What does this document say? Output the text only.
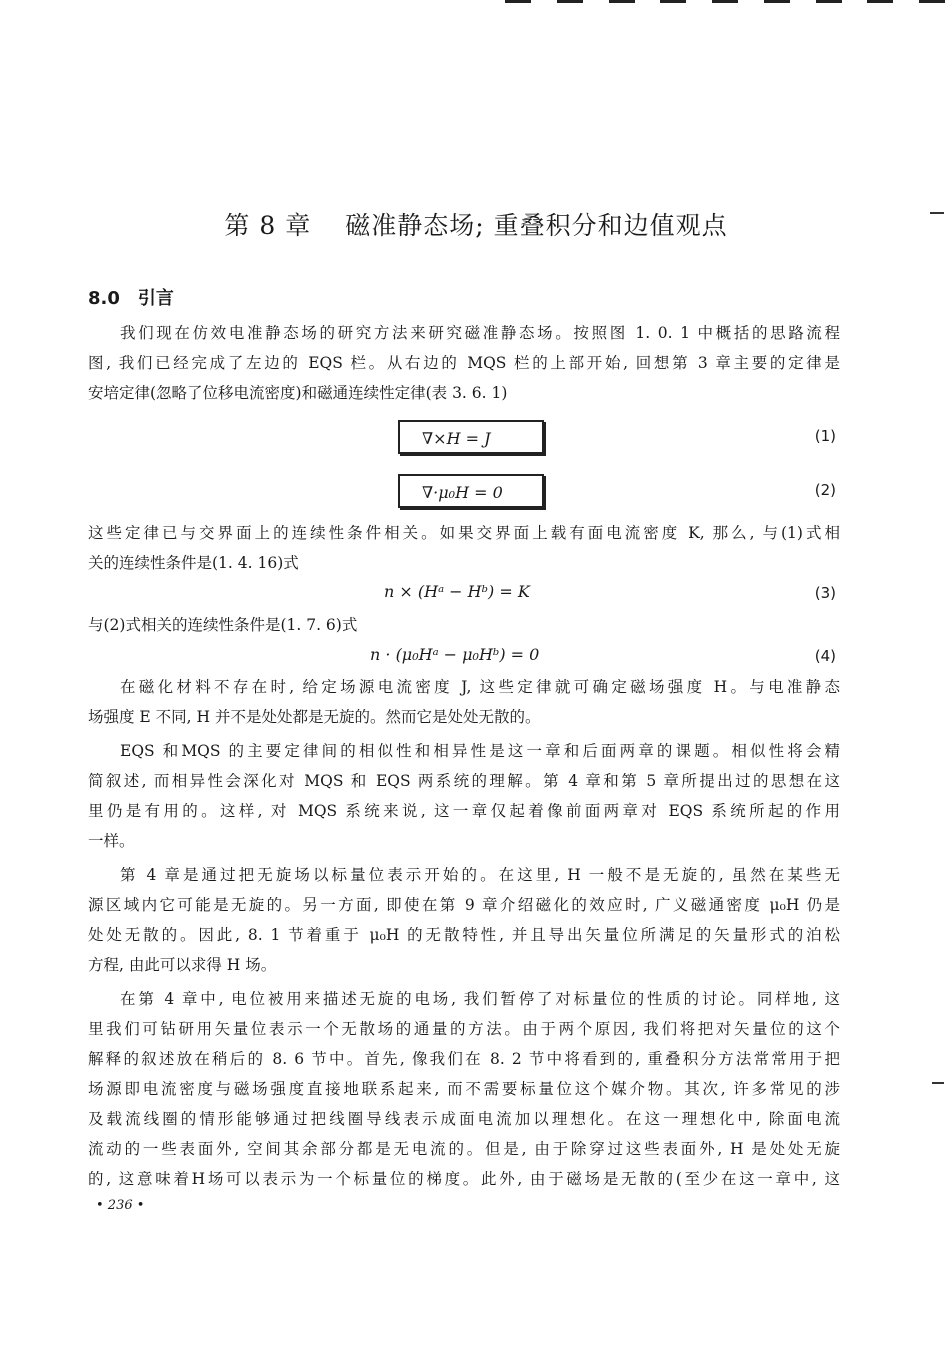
第 8 章 磁准静态场; 重叠积分和边值观点
8.0 引言
我们现在仿效电准静态场的研究方法来研究磁准静态场。按照图 1. 0. 1 中概括的思路流程
图, 我们已经完成了左边的 EQS 栏。从右边的 MQS 栏的上部开始, 回想第 3 章主要的定律是
安培定律(忽略了位移电流密度)和磁通连续性定律(表 3. 6. 1)
∇×H = J	(1)
∇·μ₀H = 0	(2)
这些定律已与交界面上的连续性条件相关。如果交界面上载有面电流密度 K, 那么, 与(1)式相
关的连续性条件是(1. 4. 16)式
n × (Hᵃ − Hᵇ) = K	(3)
与(2)式相关的连续性条件是(1. 7. 6)式
n · (μ₀Hᵃ − μ₀Hᵇ) = 0	(4)
在磁化材料不存在时, 给定场源电流密度 J, 这些定律就可确定磁场强度 H。与电准静态
场强度 E 不同, H 并不是处处都是无旋的。然而它是处处无散的。
EQS 和MQS 的主要定律间的相似性和相异性是这一章和后面两章的课题。相似性将会精
简叙述, 而相异性会深化对 MQS 和 EQS 两系统的理解。第 4 章和第 5 章所提出过的思想在这
里仍是有用的。这样, 对 MQS 系统来说, 这一章仅起着像前面两章对 EQS 系统所起的作用
一样。
第 4 章是通过把无旋场以标量位表示开始的。在这里, H 一般不是无旋的, 虽然在某些无
源区域内它可能是无旋的。另一方面, 即使在第 9 章介绍磁化的效应时, 广义磁通密度 μ₀H 仍是
处处无散的。因此, 8. 1 节着重于 μ₀H 的无散特性, 并且导出矢量位所满足的矢量形式的泊松
方程, 由此可以求得 H 场。
在第 4 章中, 电位被用来描述无旋的电场, 我们暂停了对标量位的性质的讨论。同样地, 这
里我们可钻研用矢量位表示一个无散场的通量的方法。由于两个原因, 我们将把对矢量位的这个
解释的叙述放在稍后的 8. 6 节中。首先, 像我们在 8. 2 节中将看到的, 重叠积分方法常常用于把
场源即电流密度与磁场强度直接地联系起来, 而不需要标量位这个媒介物。其次, 许多常见的涉
及载流线圈的情形能够通过把线圈导线表示成面电流加以理想化。在这一理想化中, 除面电流
流动的一些表面外, 空间其余部分都是无电流的。但是, 由于除穿过这些表面外, H 是处处无旋
的, 这意味着H场可以表示为一个标量位的梯度。此外, 由于磁场是无散的(至少在这一章中, 这
• 236 •
